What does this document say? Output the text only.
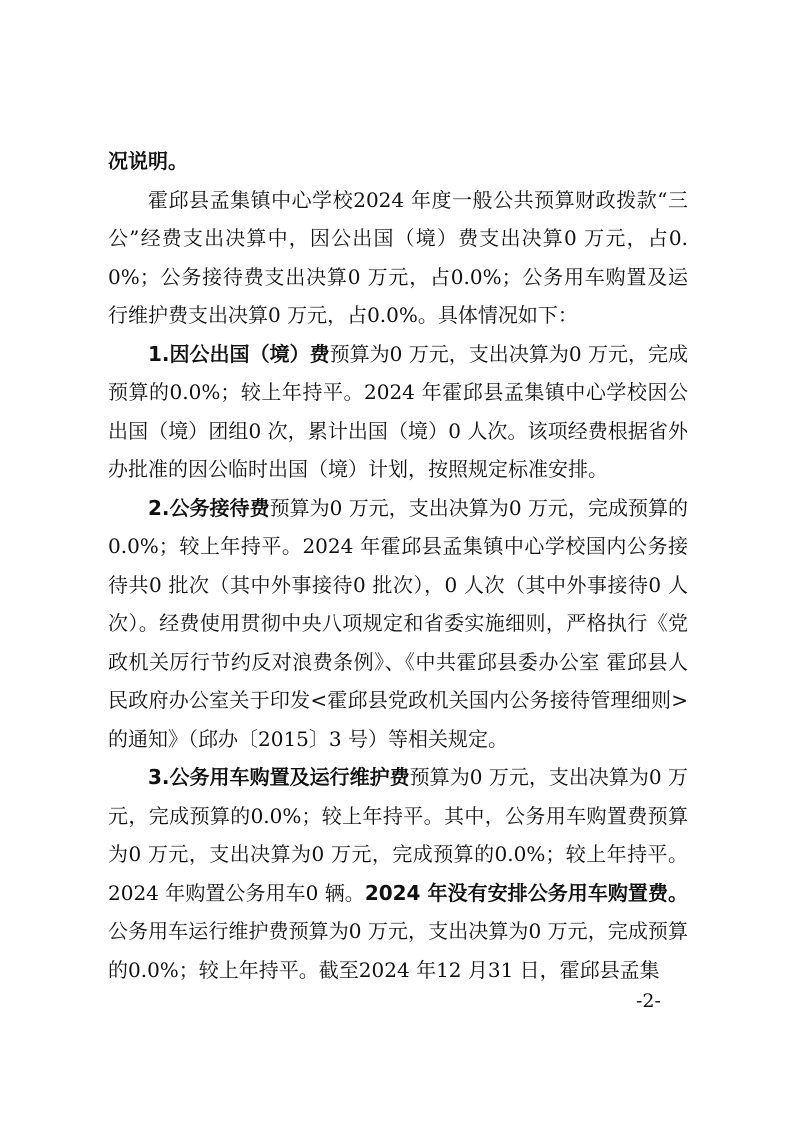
况说明。

霍邱县孟集镇中心学校2024 年度一般公共预算财政拨款“三公”经费支出决算中，因公出国（境）费支出决算0 万元，占0.0%；公务接待费支出决算0 万元，占0.0%；公务用车购置及运行维护费支出决算0 万元，占0.0%。具体情况如下：

1.因公出国（境）费预算为0 万元，支出决算为0 万元，完成预算的0.0%；较上年持平。2024 年霍邱县孟集镇中心学校因公出国（境）团组0 次，累计出国（境）0 人次。该项经费根据省外办批准的因公临时出国（境）计划，按照规定标准安排。

2.公务接待费预算为0 万元，支出决算为0 万元，完成预算的0.0%；较上年持平。2024 年霍邱县孟集镇中心学校国内公务接待共0 批次（其中外事接待0 批次），0 人次（其中外事接待0 人次）。经费使用贯彻中央八项规定和省委实施细则，严格执行《党政机关厉行节约反对浪费条例》、《中共霍邱县委办公室 霍邱县人民政府办公室关于印发<霍邱县党政机关国内公务接待管理细则>的通知》（邱办〔2015〕3 号）等相关规定。

3.公务用车购置及运行维护费预算为0 万元，支出决算为0 万元，完成预算的0.0%；较上年持平。其中，公务用车购置费预算为0 万元，支出决算为0 万元，完成预算的0.0%；较上年持平。2024 年购置公务用车0 辆。2024 年没有安排公务用车购置费。公务用车运行维护费预算为0 万元，支出决算为0 万元，完成预算的0.0%；较上年持平。截至2024 年12 月31 日，霍邱县孟集

-2-
